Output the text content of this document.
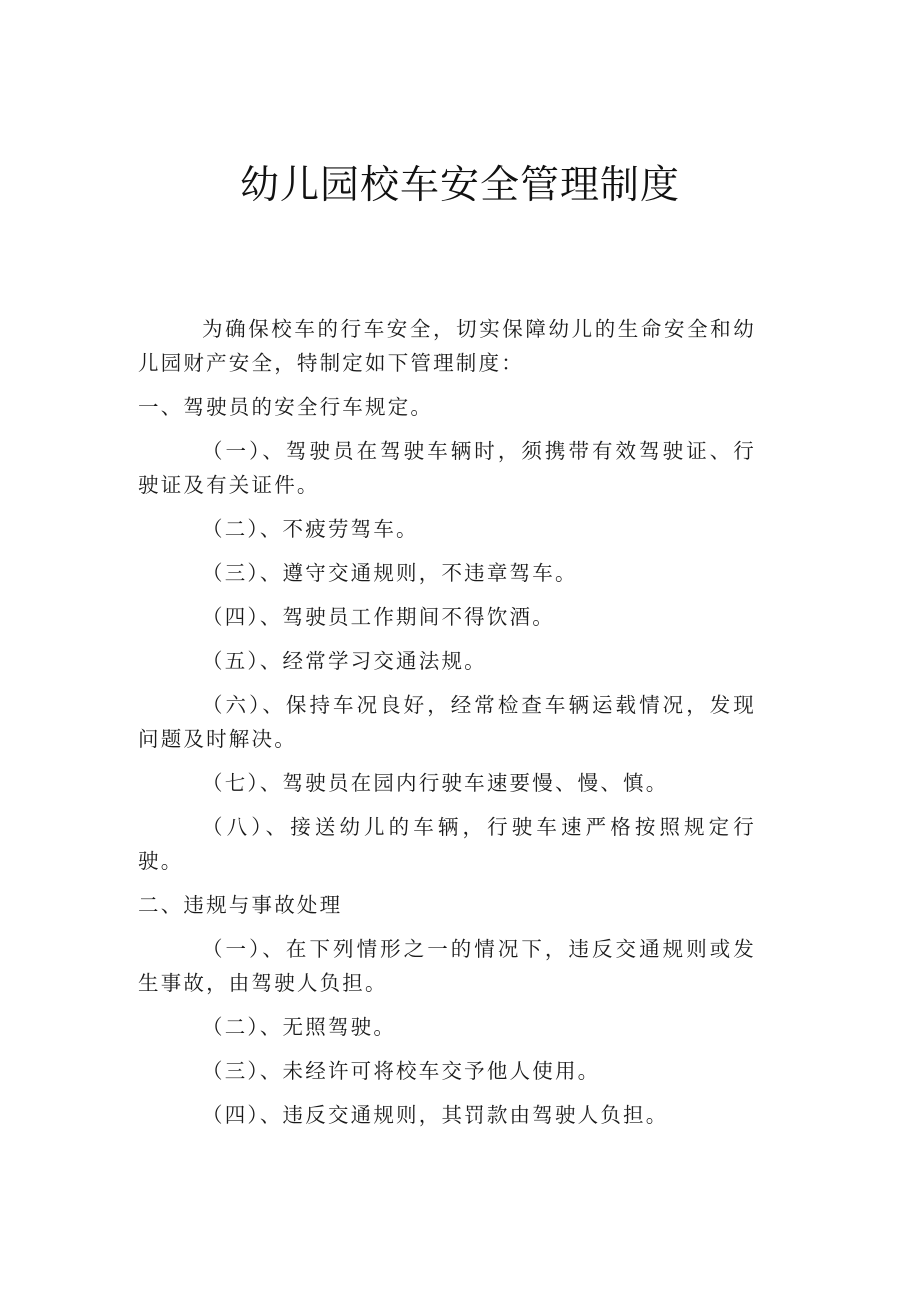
幼儿园校车安全管理制度

为确保校车的行车安全，切实保障幼儿的生命安全和幼儿园财产安全，特制定如下管理制度：

一、驾驶员的安全行车规定。

（一）、驾驶员在驾驶车辆时，须携带有效驾驶证、行驶证及有关证件。

（二）、不疲劳驾车。

（三）、遵守交通规则，不违章驾车。

（四）、驾驶员工作期间不得饮酒。

（五）、经常学习交通法规。

（六）、保持车况良好，经常检查车辆运载情况，发现问题及时解决。

（七）、驾驶员在园内行驶车速要慢、慢、慎。

（八）、接送幼儿的车辆，行驶车速严格按照规定行驶。

二、违规与事故处理

（一）、在下列情形之一的情况下，违反交通规则或发生事故，由驾驶人负担。

（二）、无照驾驶。

（三）、未经许可将校车交予他人使用。

（四）、违反交通规则，其罚款由驾驶人负担。
